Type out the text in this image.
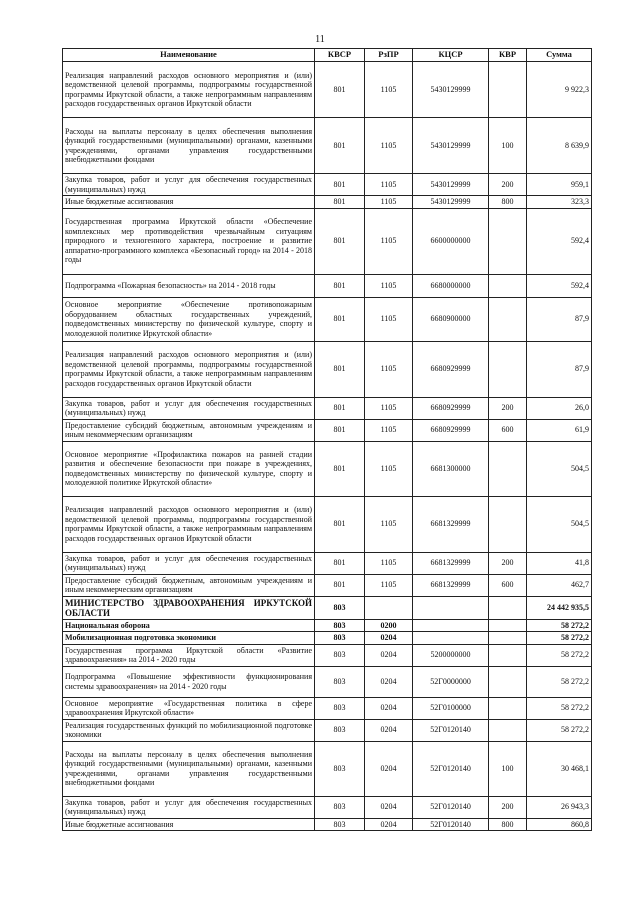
11
Наименование	КВСР	РзПР	КЦСР	КВР	Сумма
Реализация направлений расходов основного мероприятия и (или) ведомственной целевой программы, подпрограммы государственной программы Иркутской области, а также непрограммным направлениям расходов государственных органов Иркутской области	801	1105	5430129999		9 922,3
Расходы на выплаты персоналу в целях обеспечения выполнения функций государственными (муниципальными) органами, казенными учреждениями, органами управления государственными внебюджетными фондами	801	1105	5430129999	100	8 639,9
Закупка товаров, работ и услуг для обеспечения государственных (муниципальных) нужд	801	1105	5430129999	200	959,1
Иные бюджетные ассигнования	801	1105	5430129999	800	323,3
Государственная программа Иркутской области «Обеспечение комплексных мер противодействия чрезвычайным ситуациям природного и техногенного характера, построение и развитие аппаратно-программного комплекса «Безопасный город» на 2014 - 2018 годы	801	1105	6600000000		592,4
Подпрограмма «Пожарная безопасность» на 2014 - 2018 годы	801	1105	6680000000		592,4
Основное мероприятие «Обеспечение противопожарным оборудованием областных государственных учреждений, подведомственных министерству по физической культуре, спорту и молодежной политике Иркутской области»	801	1105	6680900000		87,9
Реализация направлений расходов основного мероприятия и (или) ведомственной целевой программы, подпрограммы государственной программы Иркутской области, а также непрограммным направлениям расходов государственных органов Иркутской области	801	1105	6680929999		87,9
Закупка товаров, работ и услуг для обеспечения государственных (муниципальных) нужд	801	1105	6680929999	200	26,0
Предоставление субсидий бюджетным, автономным учреждениям и иным некоммерческим организациям	801	1105	6680929999	600	61,9
Основное мероприятие «Профилактика пожаров на ранней стадии развития и обеспечение безопасности при пожаре в учреждениях, подведомственных министерству по физической культуре, спорту и молодежной политике Иркутской области»	801	1105	6681300000		504,5
Реализация направлений расходов основного мероприятия и (или) ведомственной целевой программы, подпрограммы государственной программы Иркутской области, а также непрограммным направлениям расходов государственных органов Иркутской области	801	1105	6681329999		504,5
Закупка товаров, работ и услуг для обеспечения государственных (муниципальных) нужд	801	1105	6681329999	200	41,8
Предоставление субсидий бюджетным, автономным учреждениям и иным некоммерческим организациям	801	1105	6681329999	600	462,7
МИНИСТЕРСТВО ЗДРАВООХРАНЕНИЯ ИРКУТСКОЙ ОБЛАСТИ	803				24 442 935,5
Национальная оборона	803	0200			58 272,2
Мобилизационная подготовка экономики	803	0204			58 272,2
Государственная программа Иркутской области «Развитие здравоохранения» на 2014 - 2020 годы	803	0204	5200000000		58 272,2
Подпрограмма «Повышение эффективности функционирования системы здравоохранения» на 2014 - 2020 годы	803	0204	52Г0000000		58 272,2
Основное мероприятие «Государственная политика в сфере здравоохранения Иркутской области»	803	0204	52Г0100000		58 272,2
Реализация государственных функций по мобилизационной подготовке экономики	803	0204	52Г0120140		58 272,2
Расходы на выплаты персоналу в целях обеспечения выполнения функций государственными (муниципальными) органами, казенными учреждениями, органами управления государственными внебюджетными фондами	803	0204	52Г0120140	100	30 468,1
Закупка товаров, работ и услуг для обеспечения государственных (муниципальных) нужд	803	0204	52Г0120140	200	26 943,3
Иные бюджетные ассигнования	803	0204	52Г0120140	800	860,8
